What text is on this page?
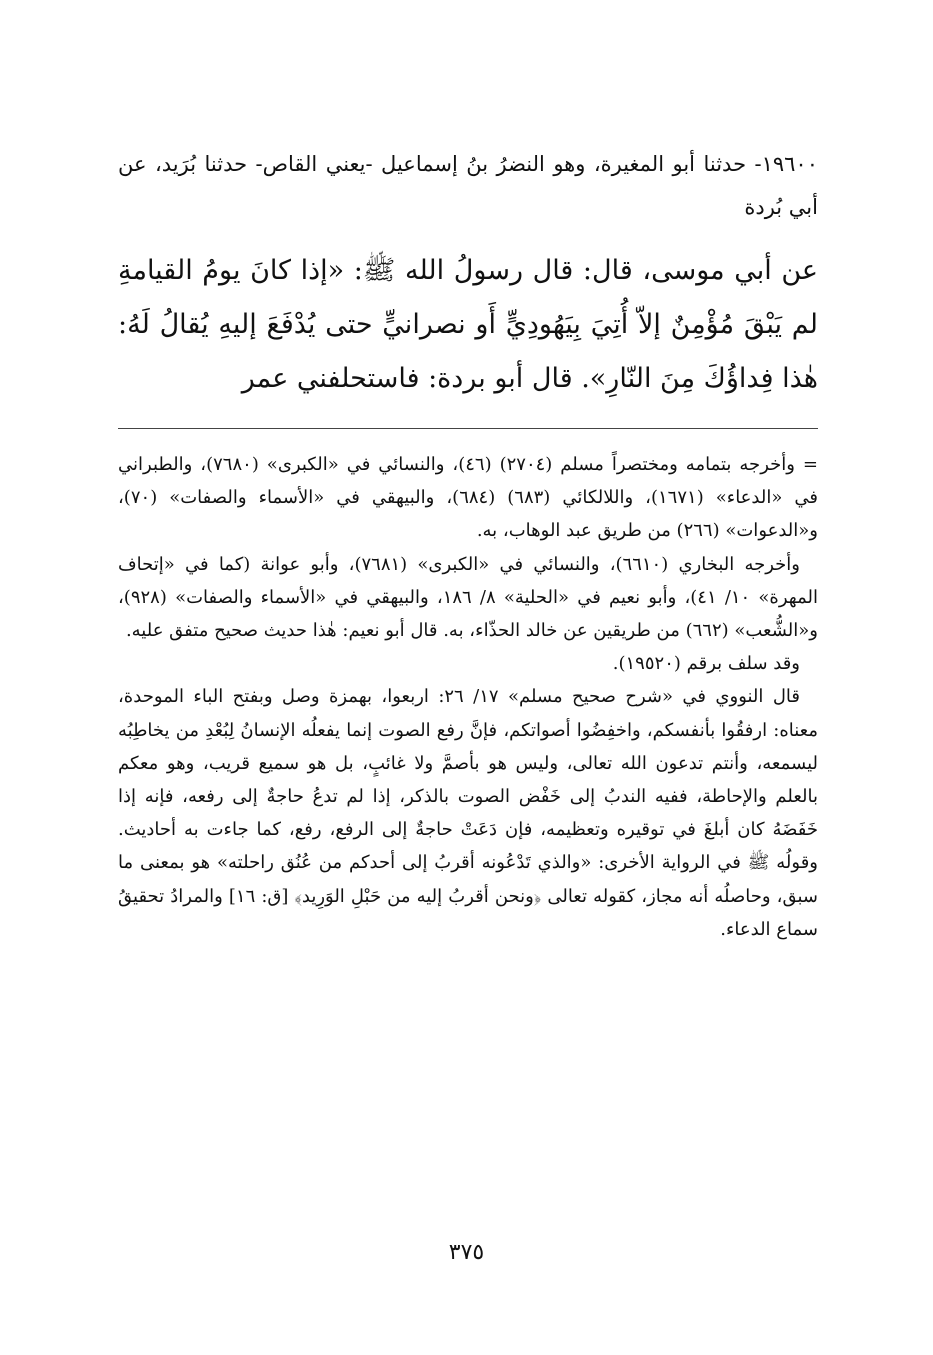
١٩٦٠٠- حدثنا أبو المغيرة، وهو النضرُ بنُ إسماعيل -يعني القاص- حدثنا بُرَيد، عن أبي بُردة
عن أبي موسى، قال: قال رسولُ الله ﷺ: «إذا كانَ يومُ القيامةِ لم يَبْقَ مُؤْمِنٌ إلاّ أُتِيَ بِيَهُودِيٍّ أَو نصرانيٍّ حتى يُدْفَعَ إليهِ يُقالُ لَهُ: هٰذا فِداؤُكَ مِنَ النّارِ». قال أبو بردة: فاستحلفني عمر

= وأخرجه بتمامه ومختصراً مسلم (٢٧٠٤) (٤٦)، والنسائي في «الكبرى» (٧٦٨٠)، والطبراني في «الدعاء» (١٦٧١)، واللالكائي (٦٨٣) (٦٨٤)، والبيهقي في «الأسماء والصفات» (٧٠)، و«الدعوات» (٢٦٦) من طريق عبد الوهاب، به.

وأخرجه البخاري (٦٦١٠)، والنسائي في «الكبرى» (٧٦٨١)، وأبو عوانة (كما في «إتحاف المهرة» ١٠/ ٤١)، وأبو نعيم في «الحلية» ٨/ ١٨٦، والبيهقي في «الأسماء والصفات» (٩٢٨)، و«الشُّعب» (٦٦٢) من طريقين عن خالد الحذّاء، به. قال أبو نعيم: هٰذا حديث صحيح متفق عليه.

وقد سلف برقم (١٩٥٢٠).

قال النووي في «شرح صحيح مسلم» ١٧/ ٢٦: اربعوا، بهمزة وصل وبفتح الباء الموحدة، معناه: ارفقُوا بأنفسكم، واخفِضُوا أصواتكم، فإنَّ رفع الصوت إنما يفعلُه الإنسانُ لِبُعْدِ من يخاطِبُه ليسمعه، وأنتم تدعون الله تعالى، وليس هو بأصمَّ ولا غائبٍ، بل هو سميع قريب، وهو معكم بالعلم والإحاطة، ففيه الندبُ إلى خَفْض الصوت بالذكر، إذا لم تدعُ حاجةٌ إلى رفعه، فإنه إذا خَفَضَهُ كان أبلغَ في توقيره وتعظيمه، فإن دَعَتْ حاجةٌ إلى الرفع، رفع، كما جاءت به أحاديث. وقولُه ﷺ في الرواية الأخرى: «والذي تَدْعُونه أقربُ إلى أحدكم من عُنُق راحلته» هو بمعنى ما سبق، وحاصلُه أنه مجاز، كقوله تعالى ﴿ونحن أقربُ إليه من حَبْلِ الوَرِيد﴾ [ق: ١٦] والمرادُ تحقيقُ سماع الدعاء.

٣٧٥
